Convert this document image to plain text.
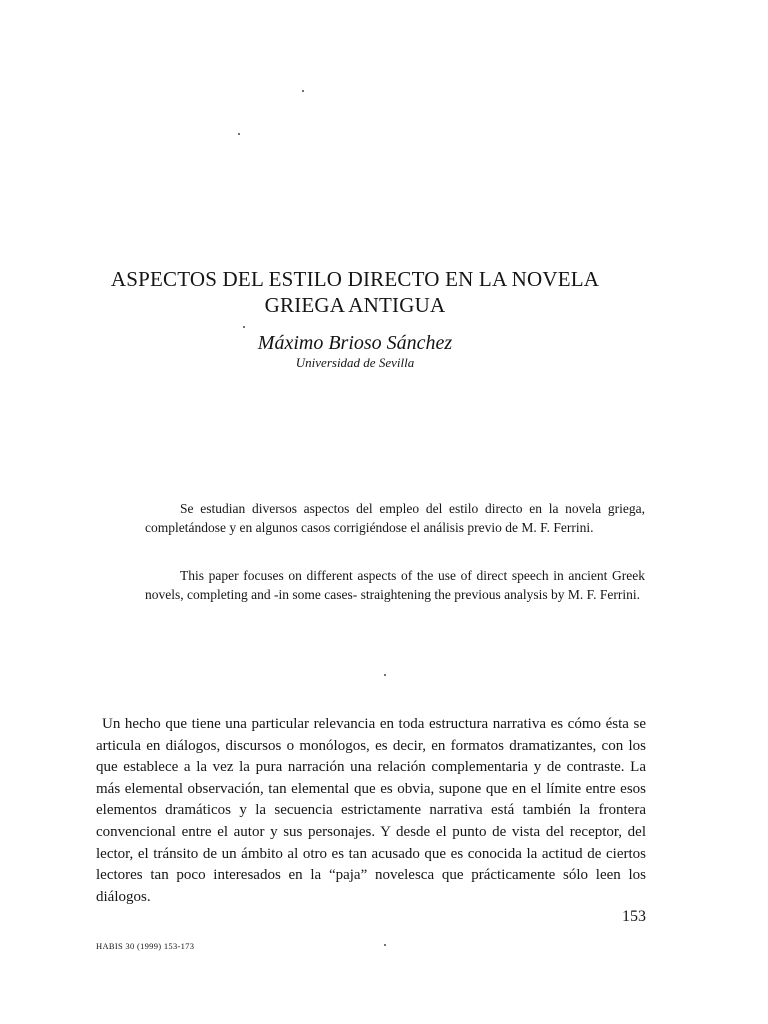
ASPECTOS DEL ESTILO DIRECTO EN LA NOVELA
GRIEGA ANTIGUA
Máximo Brioso Sánchez
Universidad de Sevilla

Se estudian diversos aspectos del empleo del estilo directo en la novela griega, completándose y en algunos casos corrigiéndose el análisis previo de M. F. Ferrini.

This paper focuses on different aspects of the use of direct speech in ancient Greek novels, completing and -in some cases- straightening the previous analysis by M. F. Ferrini.

Un hecho que tiene una particular relevancia en toda estructura narrativa es cómo ésta se articula en diálogos, discursos o monólogos, es decir, en formatos dramatizantes, con los que establece a la vez la pura narración una relación complementaria y de contraste. La más elemental observación, tan elemental que es obvia, supone que en el límite entre esos elementos dramáticos y la secuencia estrictamente narrativa está también la frontera convencional entre el autor y sus personajes. Y desde el punto de vista del receptor, del lector, el tránsito de un ámbito al otro es tan acusado que es conocida la actitud de ciertos lectores tan poco interesados en la “paja” novelesca que prácticamente sólo leen los diálogos.

153
HABIS 30 (1999) 153-173
